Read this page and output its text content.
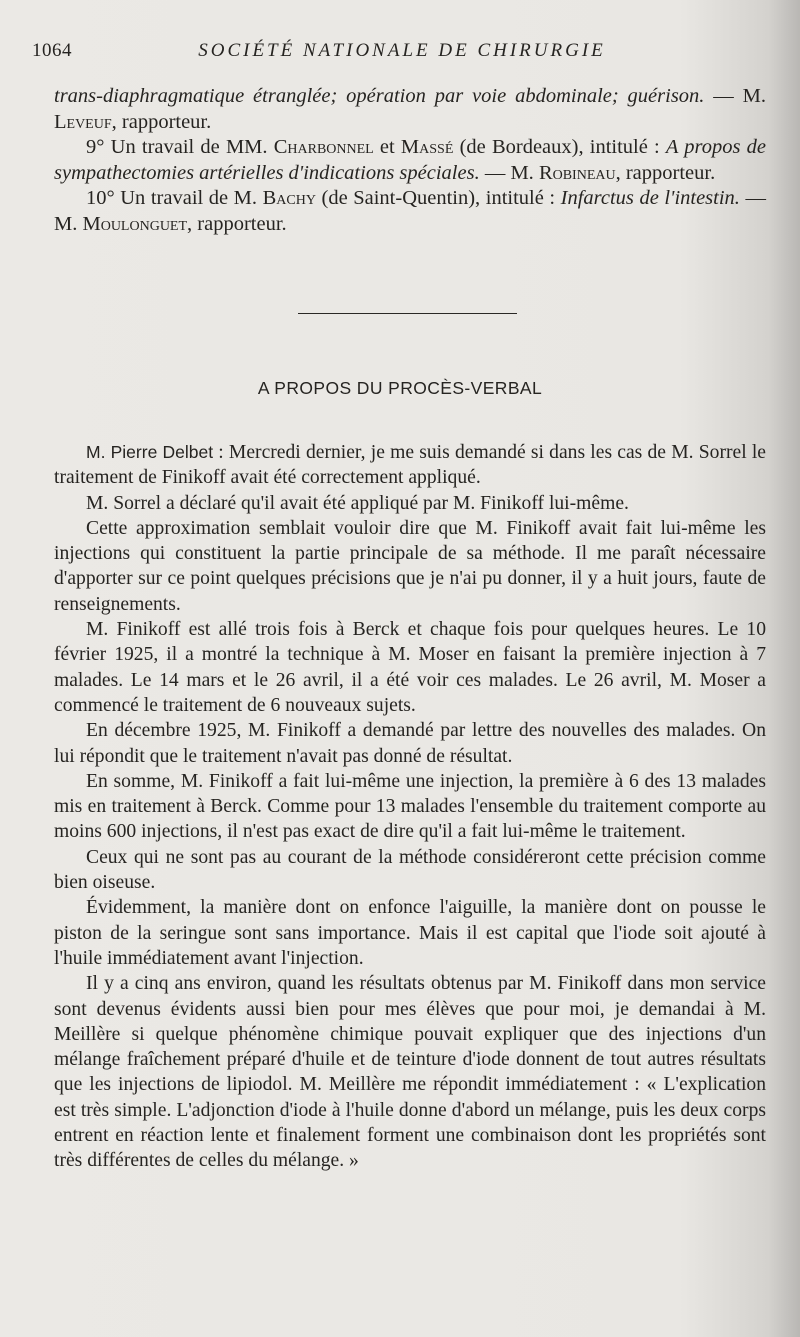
1064	SOCIÉTÉ NATIONALE DE CHIRURGIE

trans-diaphragmatique étranglée; opération par voie abdominale; guérison. — M. Leveuf, rapporteur.

9° Un travail de MM. Charbonnel et Massé (de Bordeaux), intitulé : A propos de sympathectomies artérielles d'indications spéciales. — M. Robineau, rapporteur.

10° Un travail de M. Bachy (de Saint-Quentin), intitulé : Infarctus de l'intestin. — M. Moulonguet, rapporteur.

A PROPOS DU PROCÈS-VERBAL

M. Pierre Delbet : Mercredi dernier, je me suis demandé si dans les cas de M. Sorrel le traitement de Finikoff avait été correctement appliqué.

M. Sorrel a déclaré qu'il avait été appliqué par M. Finikoff lui-même.

Cette approximation semblait vouloir dire que M. Finikoff avait fait lui-même les injections qui constituent la partie principale de sa méthode. Il me paraît nécessaire d'apporter sur ce point quelques précisions que je n'ai pu donner, il y a huit jours, faute de renseignements.

M. Finikoff est allé trois fois à Berck et chaque fois pour quelques heures. Le 10 février 1925, il a montré la technique à M. Moser en faisant la première injection à 7 malades. Le 14 mars et le 26 avril, il a été voir ces malades. Le 26 avril, M. Moser a commencé le traitement de 6 nouveaux sujets.

En décembre 1925, M. Finikoff a demandé par lettre des nouvelles des malades. On lui répondit que le traitement n'avait pas donné de résultat.

En somme, M. Finikoff a fait lui-même une injection, la première à 6 des 13 malades mis en traitement à Berck. Comme pour 13 malades l'ensemble du traitement comporte au moins 600 injections, il n'est pas exact de dire qu'il a fait lui-même le traitement.

Ceux qui ne sont pas au courant de la méthode considéreront cette précision comme bien oiseuse.

Évidemment, la manière dont on enfonce l'aiguille, la manière dont on pousse le piston de la seringue sont sans importance. Mais il est capital que l'iode soit ajouté à l'huile immédiatement avant l'injection.

Il y a cinq ans environ, quand les résultats obtenus par M. Finikoff dans mon service sont devenus évidents aussi bien pour mes élèves que pour moi, je demandai à M. Meillère si quelque phénomène chimique pouvait expliquer que des injections d'un mélange fraîchement préparé d'huile et de teinture d'iode donnent de tout autres résultats que les injections de lipiodol. M. Meillère me répondit immédiatement : « L'explication est très simple. L'adjonction d'iode à l'huile donne d'abord un mélange, puis les deux corps entrent en réaction lente et finalement forment une combinaison dont les propriétés sont très différentes de celles du mélange. »
